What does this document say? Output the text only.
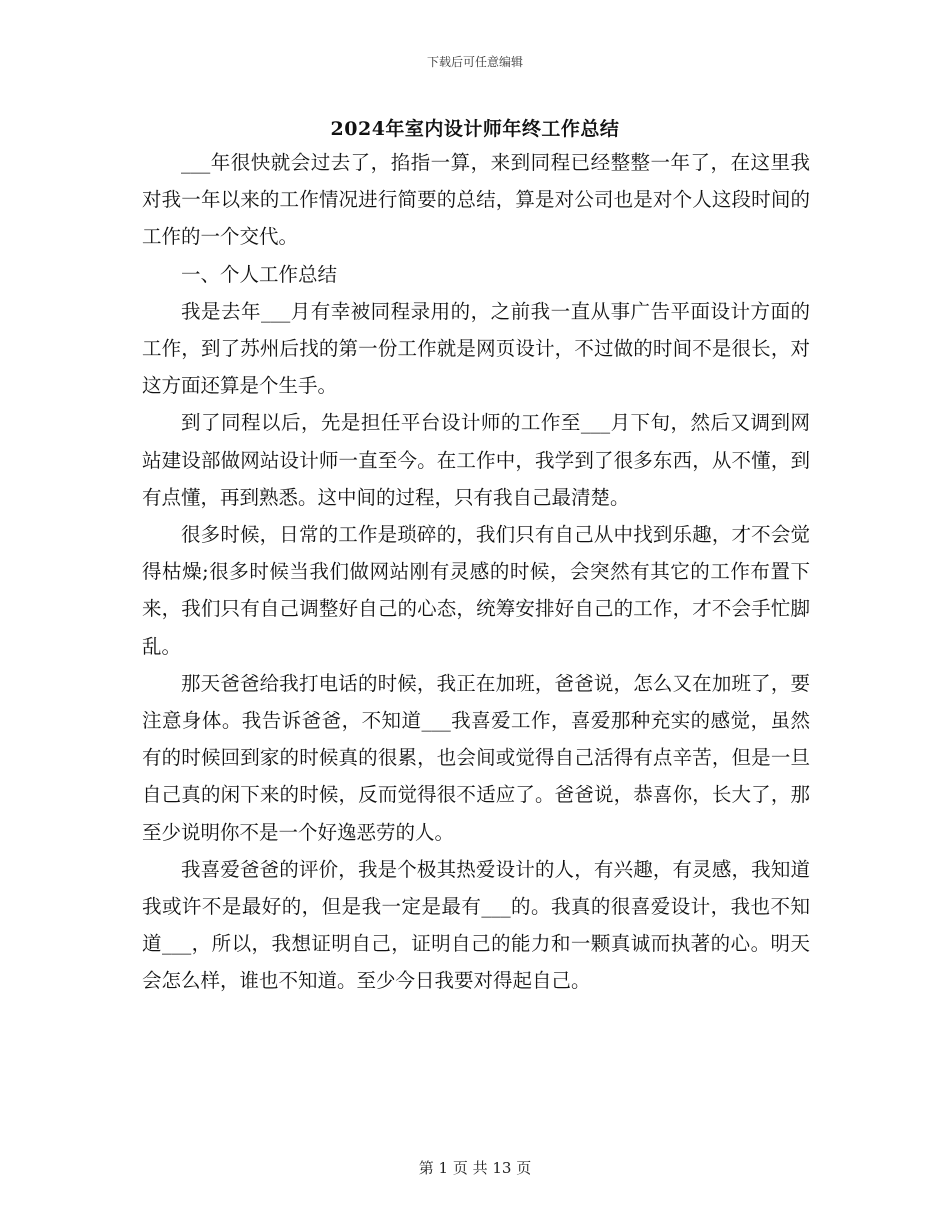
下载后可任意编辑
2024年室内设计师年终工作总结

___年很快就会过去了，掐指一算，来到同程已经整整一年了，在这里我对我一年以来的工作情况进行简要的总结，算是对公司也是对个人这段时间的工作的一个交代。

一、个人工作总结

我是去年___月有幸被同程录用的，之前我一直从事广告平面设计方面的工作，到了苏州后找的第一份工作就是网页设计，不过做的时间不是很长，对这方面还算是个生手。

到了同程以后，先是担任平台设计师的工作至___月下旬，然后又调到网站建设部做网站设计师一直至今。在工作中，我学到了很多东西，从不懂，到有点懂，再到熟悉。这中间的过程，只有我自己最清楚。

很多时候，日常的工作是琐碎的，我们只有自己从中找到乐趣，才不会觉得枯燥;很多时候当我们做网站刚有灵感的时候，会突然有其它的工作布置下来，我们只有自己调整好自己的心态，统筹安排好自己的工作，才不会手忙脚乱。

那天爸爸给我打电话的时候，我正在加班，爸爸说，怎么又在加班了，要注意身体。我告诉爸爸，不知道___我喜爱工作，喜爱那种充实的感觉，虽然有的时候回到家的时候真的很累，也会间或觉得自己活得有点辛苦，但是一旦自己真的闲下来的时候，反而觉得很不适应了。爸爸说，恭喜你，长大了，那至少说明你不是一个好逸恶劳的人。

我喜爱爸爸的评价，我是个极其热爱设计的人，有兴趣，有灵感，我知道我或许不是最好的，但是我一定是最有___的。我真的很喜爱设计，我也不知道___，所以，我想证明自己，证明自己的能力和一颗真诚而执著的心。明天会怎么样，谁也不知道。至少今日我要对得起自己。

第 1 页 共 13 页
